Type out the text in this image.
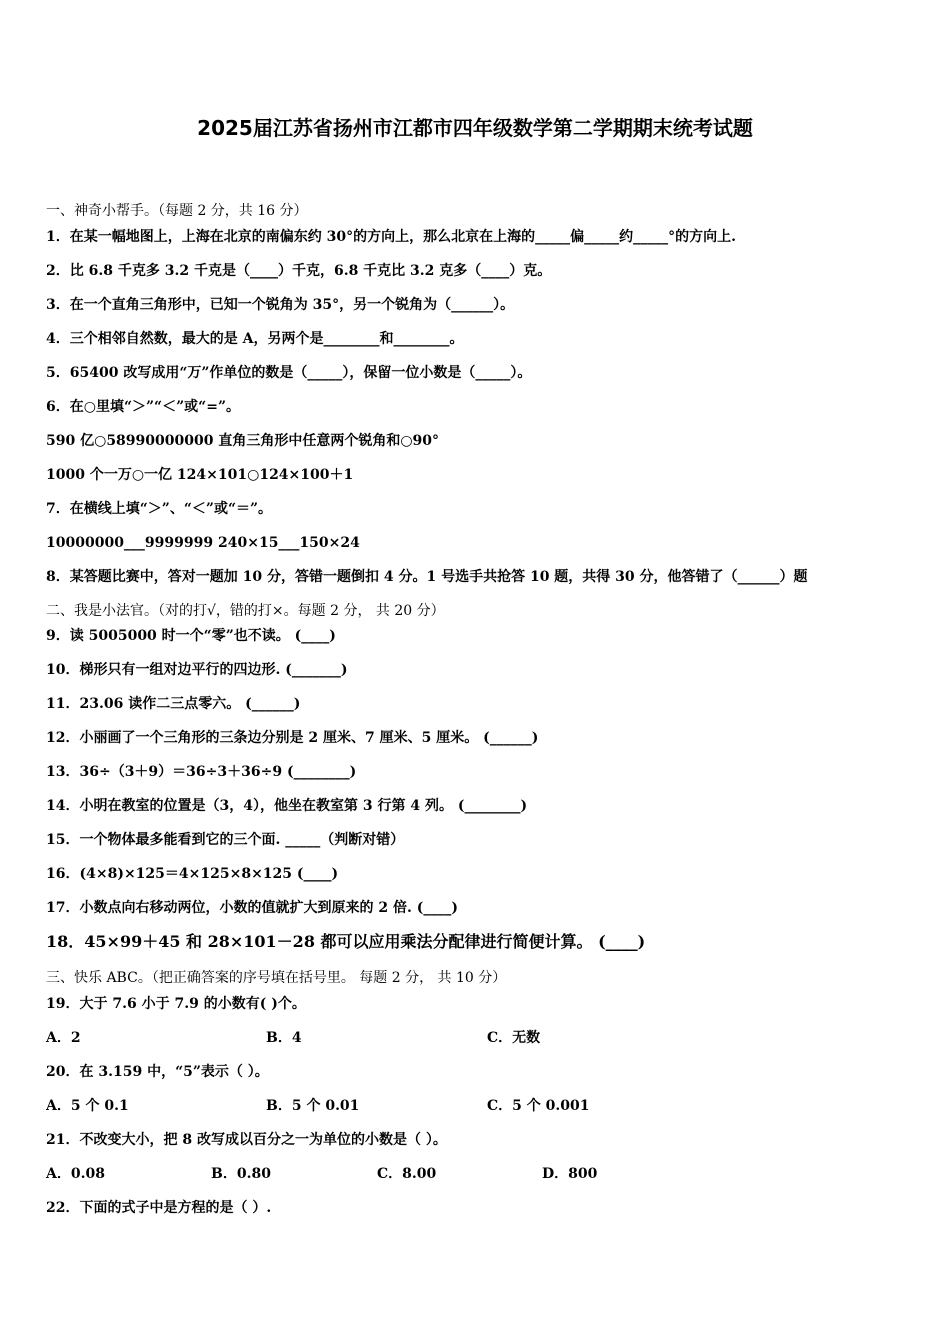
2025届江苏省扬州市江都市四年级数学第二学期期末统考试题
一、神奇小帮手。（每题 2 分，共 16 分）
1．在某一幅地图上，上海在北京的南偏东约 30°的方向上，那么北京在上海的_____偏_____约_____°的方向上.
2．比 6.8 千克多 3.2 千克是（____）千克，6.8 千克比 3.2 克多（____）克。
3．在一个直角三角形中，已知一个锐角为 35°，另一个锐角为（______）。
4．三个相邻自然数，最大的是 A，另两个是________和________。
5．65400 改写成用“万”作单位的数是（_____），保留一位小数是（_____）。
6．在○里填“＞”“＜”或“=”。
590 亿○58990000000 直角三角形中任意两个锐角和○90°
1000 个一万○一亿 124×101○124×100＋1
7．在横线上填“＞”、“＜”或“＝”。
10000000___9999999 240×15___150×24
8．某答题比赛中，答对一题加 10 分，答错一题倒扣 4 分。1 号选手共抢答 10 题，共得 30 分，他答错了（______）题
二、我是小法官。（对的打√，错的打×。每题 2 分， 共 20 分）
9．读 5005000 时一个“零”也不读。 (____)
10．梯形只有一组对边平行的四边形. (_______)
11．23.06 读作二三点零六。 (______)
12．小丽画了一个三角形的三条边分别是 2 厘米、7 厘米、5 厘米。 (______)
13．36÷（3＋9）＝36÷3＋36÷9 (________)
14．小明在教室的位置是（3，4），他坐在教室第 3 行第 4 列。 (________)
15．一个物体最多能看到它的三个面. _____（判断对错）
16．(4×8)×125＝4×125×8×125 (____)
17．小数点向右移动两位，小数的值就扩大到原来的 2 倍. (____)
18．45×99＋45 和 28×101－28 都可以应用乘法分配律进行简便计算。 (____)
三、快乐 ABC。（把正确答案的序号填在括号里。 每题 2 分， 共 10 分）
19．大于 7.6 小于 7.9 的小数有( )个。
A．2	B．4	C．无数
20．在 3.159 中，“5”表示（ ）。
A．5 个 0.1	B．5 个 0.01	C．5 个 0.001
21．不改变大小，把 8 改写成以百分之一为单位的小数是（ ）。
A．0.08	B．0.80	C．8.00	D．800
22．下面的式子中是方程的是（ ）.
